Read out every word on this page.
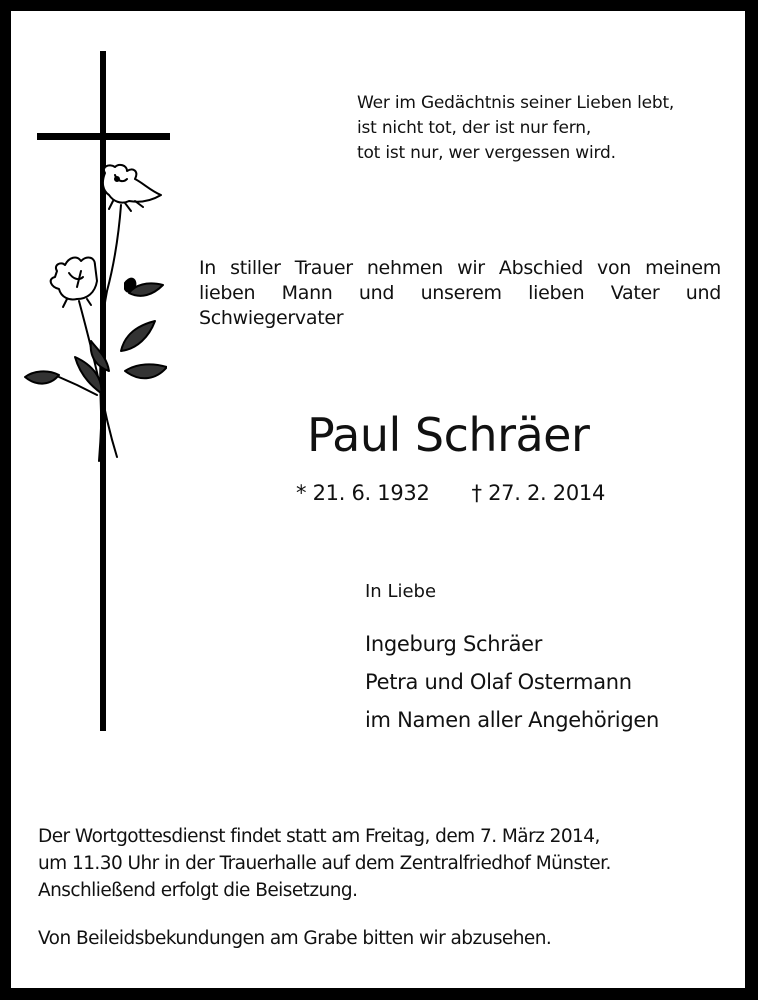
Wer im Gedächtnis seiner Lieben lebt,
ist nicht tot, der ist nur fern,
tot ist nur, wer vergessen wird.
In stiller Trauer nehmen wir Abschied von meinem
lieben Mann und unserem lieben Vater und
Schwiegervater
Paul Schräer
* 21. 6. 1932 † 27. 2. 2014
In Liebe
Ingeburg Schräer
Petra und Olaf Ostermann
im Namen aller Angehörigen
Der Wortgottesdienst findet statt am Freitag, dem 7. März 2014,
um 11.30 Uhr in der Trauerhalle auf dem Zentralfriedhof Münster.
Anschließend erfolgt die Beisetzung.
Von Beileidsbekundungen am Grabe bitten wir abzusehen.
